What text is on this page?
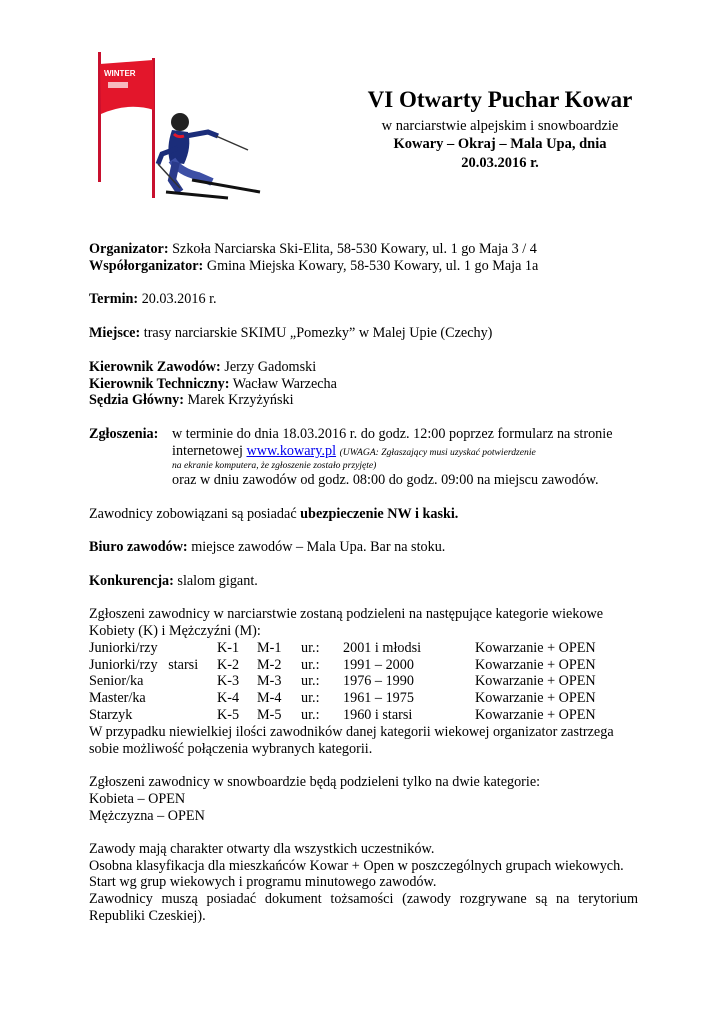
WINTER
VI Otwarty Puchar Kowar
w narciarstwie alpejskim i snowboardzie
Kowary – Okraj – Mala Upa, dnia
20.03.2016 r.
Organizator: Szkoła Narciarska Ski-Elita, 58-530 Kowary, ul. 1 go Maja 3 / 4
Współorganizator: Gmina Miejska Kowary, 58-530 Kowary, ul. 1 go Maja 1a
Termin: 20.03.2016 r.
Miejsce: trasy narciarskie SKIMU „Pomezky” w Malej Upie (Czechy)
Kierownik Zawodów: Jerzy Gadomski
Kierownik Techniczny: Wacław Warzecha
Sędzia Główny: Marek Krzyżyński
Zgłoszenia: w terminie do dnia 18.03.2016 r. do godz. 12:00 poprzez formularz na stronie
internetowej www.kowary.pl (UWAGA: Zgłaszający musi uzyskać potwierdzenie
na ekranie komputera, że zgłoszenie zostało przyjęte)
oraz w dniu zawodów od godz. 08:00 do godz. 09:00 na miejscu zawodów.
Zawodnicy zobowiązani są posiadać ubezpieczenie NW i kaski.
Biuro zawodów: miejsce zawodów – Mala Upa. Bar na stoku.
Konkurencja: slalom gigant.
Zgłoszeni zawodnicy w narciarstwie zostaną podzieleni na następujące kategorie wiekowe
Kobiety (K) i Mężczyźni (M):
Juniorki/rzy	K-1 M-1 ur.: 2001 i młodsi	Kowarzanie + OPEN
Juniorki/rzy   starsi K-2 M-2 ur.: 1991 – 2000	Kowarzanie + OPEN
Senior/ka	K-3 M-3 ur.: 1976 – 1990	Kowarzanie + OPEN
Master/ka	K-4 M-4 ur.: 1961 – 1975	Kowarzanie + OPEN
Starzyk	K-5 M-5 ur.: 1960 i starsi	Kowarzanie + OPEN
W przypadku niewielkiej ilości zawodników danej kategorii wiekowej organizator zastrzega
sobie możliwość połączenia wybranych kategorii.
Zgłoszeni zawodnicy w snowboardzie będą podzieleni tylko na dwie kategorie:
Kobieta – OPEN
Mężczyzna – OPEN
Zawody mają charakter otwarty dla wszystkich uczestników.
Osobna klasyfikacja dla mieszkańców Kowar + Open w poszczególnych grupach wiekowych.
Start wg grup wiekowych i programu minutowego zawodów.
Zawodnicy muszą posiadać dokument tożsamości (zawody rozgrywane są na terytorium
Republiki Czeskiej).
